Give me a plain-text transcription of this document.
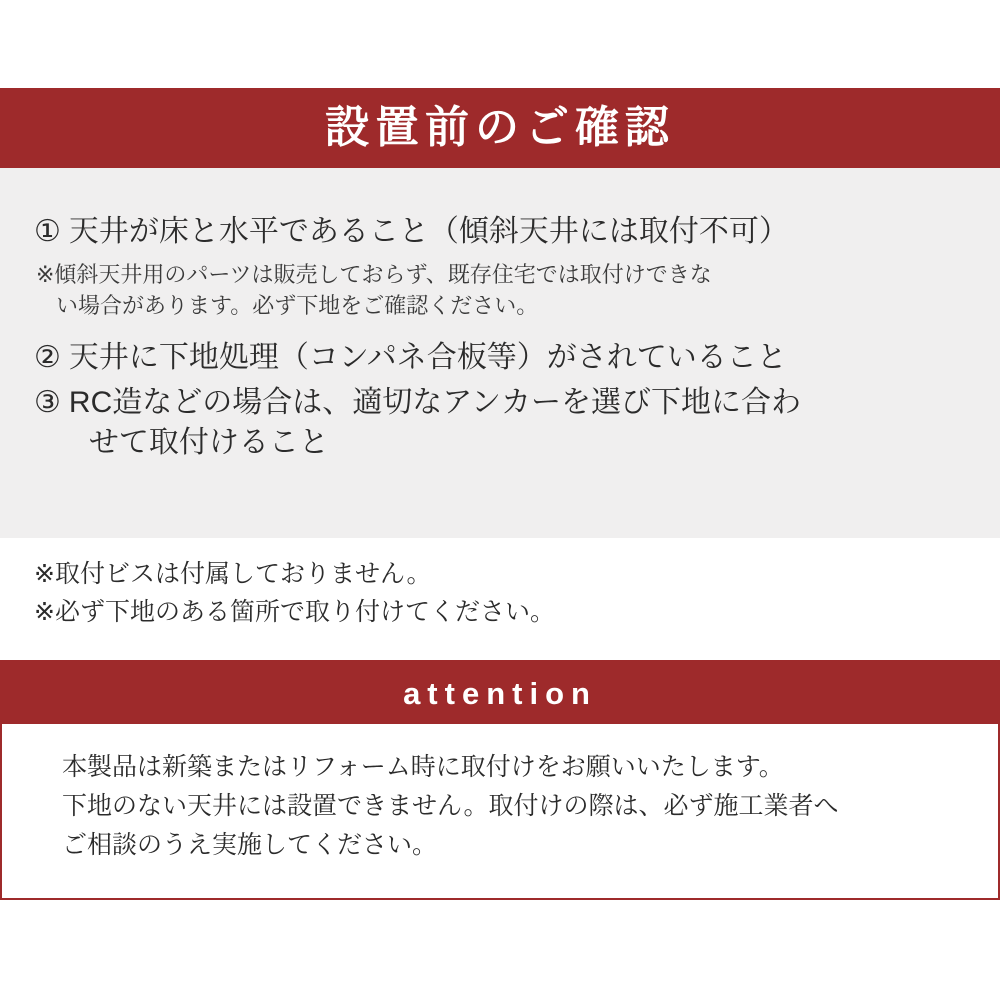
設置前のご確認
① 天井が床と水平であること（傾斜天井には取付不可）
※傾斜天井用のパーツは販売しておらず、既存住宅では取付けできな
い場合があります。必ず下地をご確認ください。
② 天井に下地処理（コンパネ合板等）がされていること
③ RC造などの場合は、適切なアンカーを選び下地に合わ
せて取付けること
※取付ビスは付属しておりません。
※必ず下地のある箇所で取り付けてください。
attention
本製品は新築またはリフォーム時に取付けをお願いいたします。
下地のない天井には設置できません。取付けの際は、必ず施工業者へ
ご相談のうえ実施してください。
